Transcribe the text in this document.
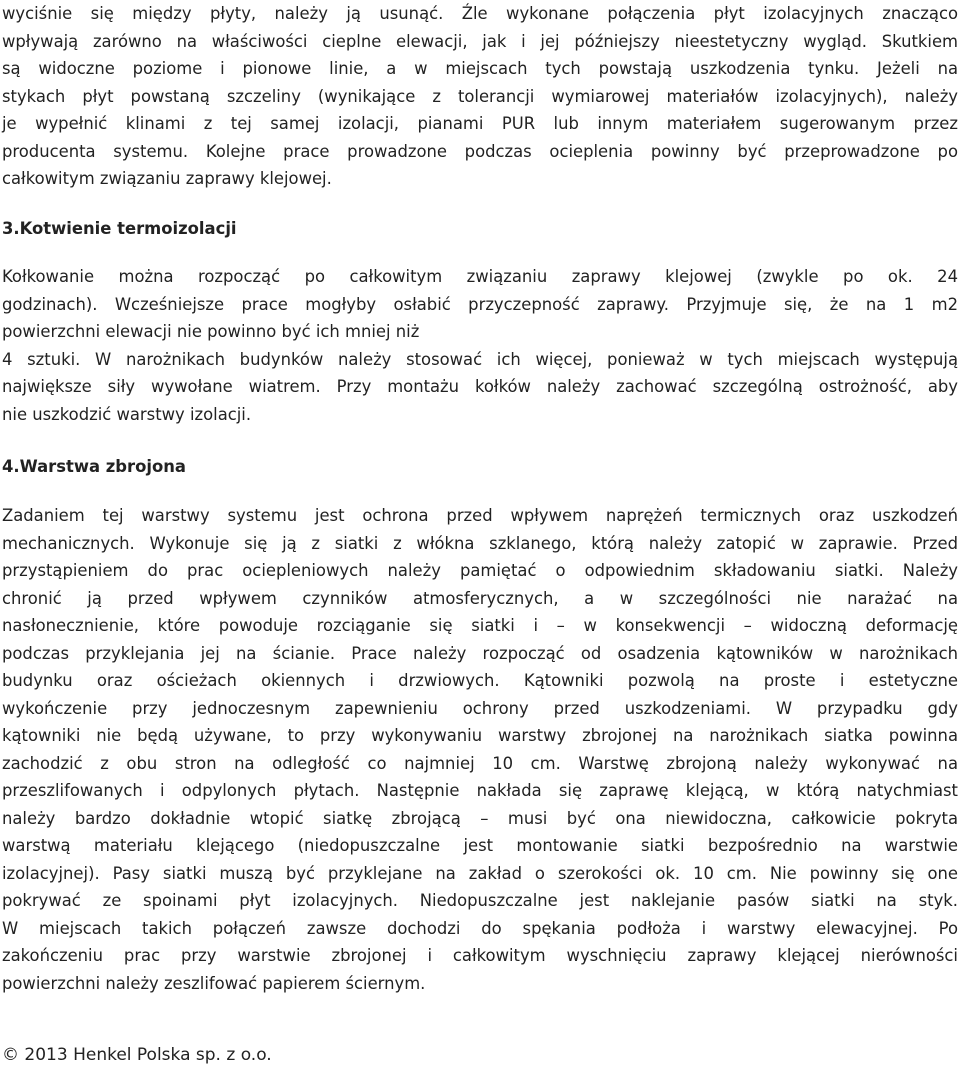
wyciśnie się między płyty, należy ją usunąć. Źle wykonane połączenia płyt izolacyjnych znacząco
wpływają zarówno na właściwości cieplne elewacji, jak i jej późniejszy nieestetyczny wygląd. Skutkiem
są widoczne poziome i pionowe linie, a w miejscach tych powstają uszkodzenia tynku. Jeżeli na
stykach płyt powstaną szczeliny (wynikające z tolerancji wymiarowej materiałów izolacyjnych), należy
je wypełnić klinami z tej samej izolacji, pianami PUR lub innym materiałem sugerowanym przez
producenta systemu. Kolejne prace prowadzone podczas ocieplenia powinny być przeprowadzone po
całkowitym związaniu zaprawy klejowej.
3.Kotwienie termoizolacji
Kołkowanie można rozpocząć po całkowitym związaniu zaprawy klejowej (zwykle po ok. 24
godzinach). Wcześniejsze prace mogłyby osłabić przyczepność zaprawy. Przyjmuje się, że na 1 m2
powierzchni elewacji nie powinno być ich mniej niż
4 sztuki. W narożnikach budynków należy stosować ich więcej, ponieważ w tych miejscach występują
największe siły wywołane wiatrem. Przy montażu kołków należy zachować szczególną ostrożność, aby
nie uszkodzić warstwy izolacji.
4.Warstwa zbrojona
Zadaniem tej warstwy systemu jest ochrona przed wpływem naprężeń termicznych oraz uszkodzeń
mechanicznych. Wykonuje się ją z siatki z włókna szklanego, którą należy zatopić w zaprawie. Przed
przystąpieniem do prac ociepleniowych należy pamiętać o odpowiednim składowaniu siatki. Należy
chronić ją przed wpływem czynników atmosferycznych, a w szczególności nie narażać na
nasłonecznienie, które powoduje rozciąganie się siatki i – w konsekwencji – widoczną deformację
podczas przyklejania jej na ścianie. Prace należy rozpocząć od osadzenia kątowników w narożnikach
budynku oraz ościeżach okiennych i drzwiowych. Kątowniki pozwolą na proste i estetyczne
wykończenie przy jednoczesnym zapewnieniu ochrony przed uszkodzeniami. W przypadku gdy
kątowniki nie będą używane, to przy wykonywaniu warstwy zbrojonej na narożnikach siatka powinna
zachodzić z obu stron na odległość co najmniej 10 cm. Warstwę zbrojoną należy wykonywać na
przeszlifowanych i odpylonych płytach. Następnie nakłada się zaprawę klejącą, w którą natychmiast
należy bardzo dokładnie wtopić siatkę zbrojącą – musi być ona niewidoczna, całkowicie pokryta
warstwą materiału klejącego (niedopuszczalne jest montowanie siatki bezpośrednio na warstwie
izolacyjnej). Pasy siatki muszą być przyklejane na zakład o szerokości ok. 10 cm. Nie powinny się one
pokrywać ze spoinami płyt izolacyjnych. Niedopuszczalne jest naklejanie pasów siatki na styk.
W miejscach takich połączeń zawsze dochodzi do spękania podłoża i warstwy elewacyjnej. Po
zakończeniu prac przy warstwie zbrojonej i całkowitym wyschnięciu zaprawy klejącej nierówności
powierzchni należy zeszlifować papierem ściernym.
© 2013 Henkel Polska sp. z o.o.
